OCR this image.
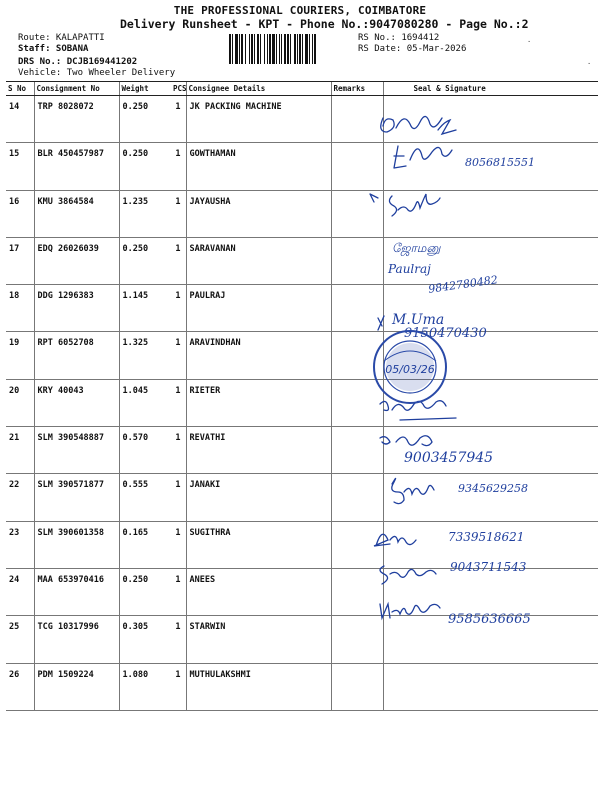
THE PROFESSIONAL COURIERS, COIMBATORE
Delivery Runsheet - KPT - Phone No.:9047080280 - Page No.:2
Route: KALAPATTI
Staff: SOBANA
DRS No.: DCJB169441202
Vehicle: Two Wheeler Delivery
RS No.: 1694412
RS Date: 05-Mar-2026
·
·
S No	Consignment No	Weight	PCS	Consignee Details	Remarks	Seal & Signature
14	TRP 8028072	0.250	1	JK PACKING MACHINE		
15	BLR 450457987	0.250	1	GOWTHAMAN		
16	KMU 3864584	1.235	1	JAYAUSHA		
17	EDQ 26026039	0.250	1	SARAVANAN		
18	DDG 1296383	1.145	1	PAULRAJ		
19	RPT 6052708	1.325	1	ARAVINDHAN		
20	KRY 40043	1.045	1	RIETER		
21	SLM 390548887	0.570	1	REVATHI		
22	SLM 390571877	0.555	1	JANAKI		
23	SLM 390601358	0.165	1	SUGITHRA		
24	MAA 653970416	0.250	1	ANEES		
25	TCG 10317996	0.305	1	STARWIN		
26	PDM 1509224	1.080	1	MUTHULAKSHMI		
8056815551
ஜோமனு
Paulraj
9842780482
M.Uma
9150470430
9003457945
9345629258
7339518621
9043711543
9585636665
05/03/26
